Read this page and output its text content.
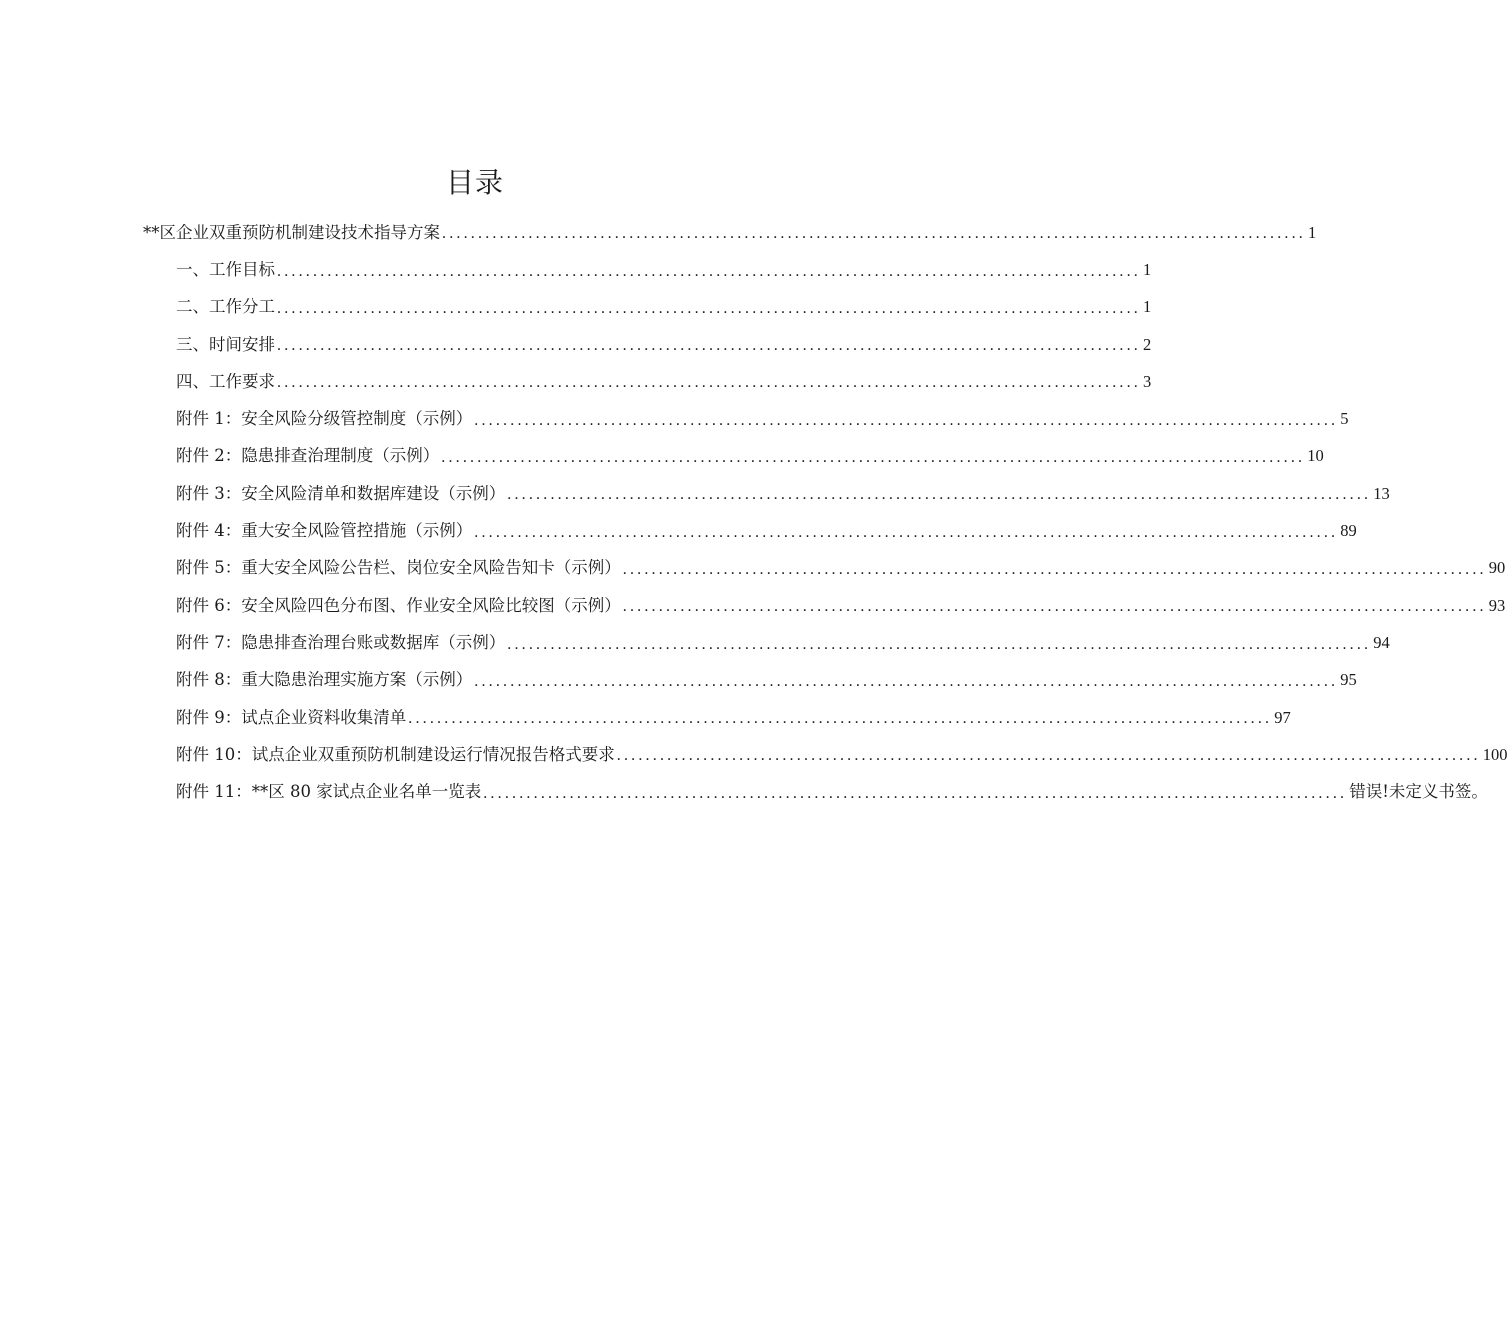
目录
**区企业双重预防机制建设技术指导方案 ........................................................................................................................ 1
一、工作目标 ........................................................................................................................ 1
二、工作分工 ........................................................................................................................ 1
三、时间安排 ........................................................................................................................ 2
四、工作要求 ........................................................................................................................ 3
附件 1：安全风险分级管控制度（示例） ........................................................................................................................ 5
附件 2：隐患排查治理制度（示例） ........................................................................................................................ 10
附件 3：安全风险清单和数据库建设（示例） ........................................................................................................................ 13
附件 4：重大安全风险管控措施（示例） ........................................................................................................................ 89
附件 5：重大安全风险公告栏、岗位安全风险告知卡（示例） ........................................................................................................................ 90
附件 6：安全风险四色分布图、作业安全风险比较图（示例） ........................................................................................................................ 93
附件 7：隐患排查治理台账或数据库（示例） ........................................................................................................................ 94
附件 8：重大隐患治理实施方案（示例） ........................................................................................................................ 95
附件 9：试点企业资料收集清单 ........................................................................................................................ 97
附件 10：试点企业双重预防机制建设运行情况报告格式要求 ........................................................................................................................ 100
附件 11：**区 80 家试点企业名单一览表 ........................................................................................................................ 错误!未定义书签。
